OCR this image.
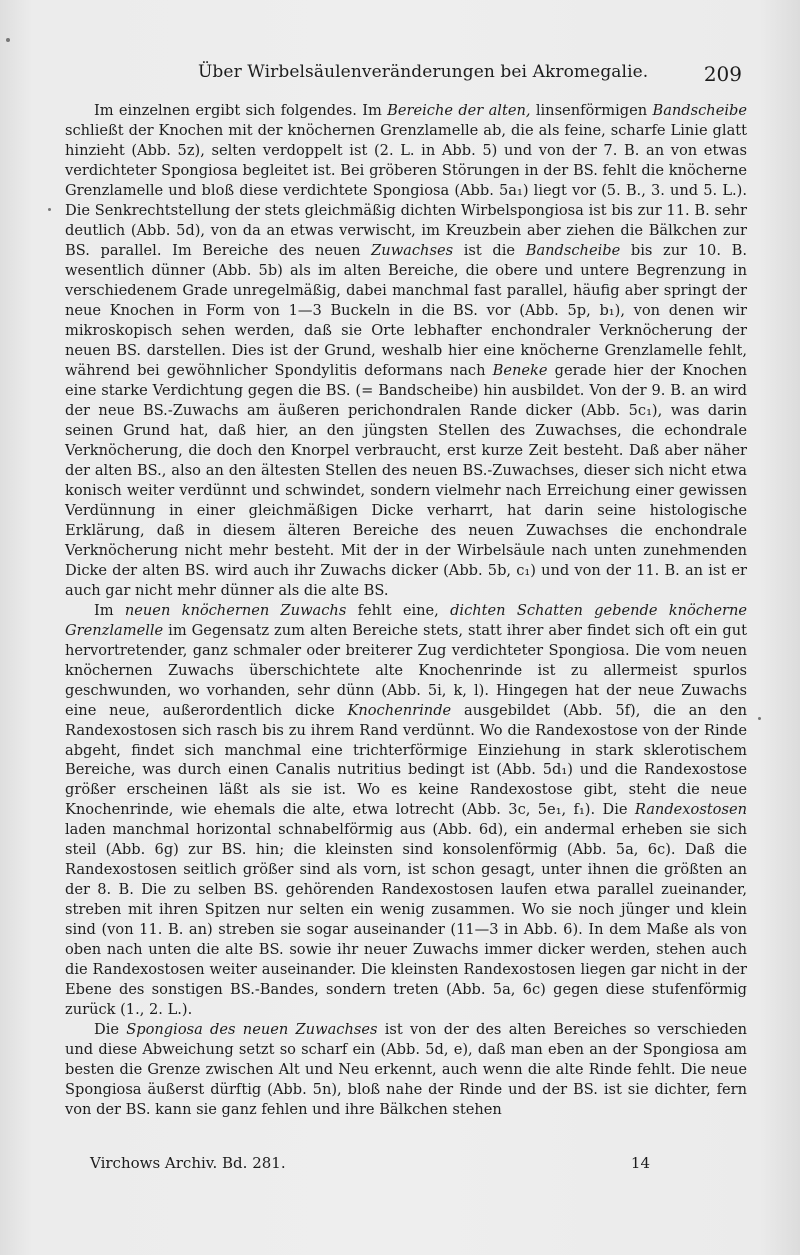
Über Wirbelsäulenveränderungen bei Akromegalie.	209

Im einzelnen ergibt sich folgendes. Im Bereiche der alten, linsenförmigen Bandscheibe schließt der Knochen mit der knöchernen Grenzlamelle ab, die als feine, scharfe Linie glatt hinzieht (Abb. 5z), selten verdoppelt ist (2. L. in Abb. 5) und von der 7. B. an von etwas verdichteter Spongiosa begleitet ist. Bei gröberen Störungen in der BS. fehlt die knöcherne Grenzlamelle und bloß diese verdichtete Spongiosa (Abb. 5a₁) liegt vor (5. B., 3. und 5. L.). Die Senkrechtstellung der stets gleichmäßig dichten Wirbelspongiosa ist bis zur 11. B. sehr deutlich (Abb. 5d), von da an etwas verwischt, im Kreuzbein aber ziehen die Bälkchen zur BS. parallel. Im Bereiche des neuen Zuwachses ist die Bandscheibe bis zur 10. B. wesentlich dünner (Abb. 5b) als im alten Bereiche, die obere und untere Begrenzung in verschiedenem Grade unregelmäßig, dabei manchmal fast parallel, häufig aber springt der neue Knochen in Form von 1—3 Buckeln in die BS. vor (Abb. 5p, b₁), von denen wir mikroskopisch sehen werden, daß sie Orte lebhafter enchondraler Verknöcherung der neuen BS. darstellen. Dies ist der Grund, weshalb hier eine knöcherne Grenzlamelle fehlt, während bei gewöhnlicher Spondylitis deformans nach Beneke gerade hier der Knochen eine starke Verdichtung gegen die BS. (= Bandscheibe) hin ausbildet. Von der 9. B. an wird der neue BS.-Zuwachs am äußeren perichondralen Rande dicker (Abb. 5c₁), was darin seinen Grund hat, daß hier, an den jüngsten Stellen des Zuwachses, die echondrale Verknöcherung, die doch den Knorpel verbraucht, erst kurze Zeit besteht. Daß aber näher der alten BS., also an den ältesten Stellen des neuen BS.-Zuwachses, dieser sich nicht etwa konisch weiter verdünnt und schwindet, sondern vielmehr nach Erreichung einer gewissen Verdünnung in einer gleichmäßigen Dicke verharrt, hat darin seine histologische Erklärung, daß in diesem älteren Bereiche des neuen Zuwachses die enchondrale Verknöcherung nicht mehr besteht. Mit der in der Wirbelsäule nach unten zunehmenden Dicke der alten BS. wird auch ihr Zuwachs dicker (Abb. 5b, c₁) und von der 11. B. an ist er auch gar nicht mehr dünner als die alte BS.

Im neuen knöchernen Zuwachs fehlt eine, dichten Schatten gebende knöcherne Grenzlamelle im Gegensatz zum alten Bereiche stets, statt ihrer aber findet sich oft ein gut hervortretender, ganz schmaler oder breiterer Zug verdichteter Spongiosa. Die vom neuen knöchernen Zuwachs überschichtete alte Knochenrinde ist zu allermeist spurlos geschwunden, wo vorhanden, sehr dünn (Abb. 5i, k, l). Hingegen hat der neue Zuwachs eine neue, außerordentlich dicke Knochenrinde ausgebildet (Abb. 5f), die an den Randexostosen sich rasch bis zu ihrem Rand verdünnt. Wo die Randexostose von der Rinde abgeht, findet sich manchmal eine trichterförmige Einziehung in stark sklerotischem Bereiche, was durch einen Canalis nutritius bedingt ist (Abb. 5d₁) und die Randexostose größer erscheinen läßt als sie ist. Wo es keine Randexostose gibt, steht die neue Knochenrinde, wie ehemals die alte, etwa lotrecht (Abb. 3c, 5e₁, f₁). Die Randexostosen laden manchmal horizontal schnabelförmig aus (Abb. 6d), ein andermal erheben sie sich steil (Abb. 6g) zur BS. hin; die kleinsten sind konsolenförmig (Abb. 5a, 6c). Daß die Randexostosen seitlich größer sind als vorn, ist schon gesagt, unter ihnen die größten an der 8. B. Die zu selben BS. gehörenden Randexostosen laufen etwa parallel zueinander, streben mit ihren Spitzen nur selten ein wenig zusammen. Wo sie noch jünger und klein sind (von 11. B. an) streben sie sogar auseinander (11—3 in Abb. 6). In dem Maße als von oben nach unten die alte BS. sowie ihr neuer Zuwachs immer dicker werden, stehen auch die Randexostosen weiter auseinander. Die kleinsten Randexostosen liegen gar nicht in der Ebene des sonstigen BS.-Bandes, sondern treten (Abb. 5a, 6c) gegen diese stufenförmig zurück (1., 2. L.).

Die Spongiosa des neuen Zuwachses ist von der des alten Bereiches so verschieden und diese Abweichung setzt so scharf ein (Abb. 5d, e), daß man eben an der Spongiosa am besten die Grenze zwischen Alt und Neu erkennt, auch wenn die alte Rinde fehlt. Die neue Spongiosa äußerst dürftig (Abb. 5n), bloß nahe der Rinde und der BS. ist sie dichter, fern von der BS. kann sie ganz fehlen und ihre Bälkchen stehen

Virchows Archiv. Bd. 281.	14
